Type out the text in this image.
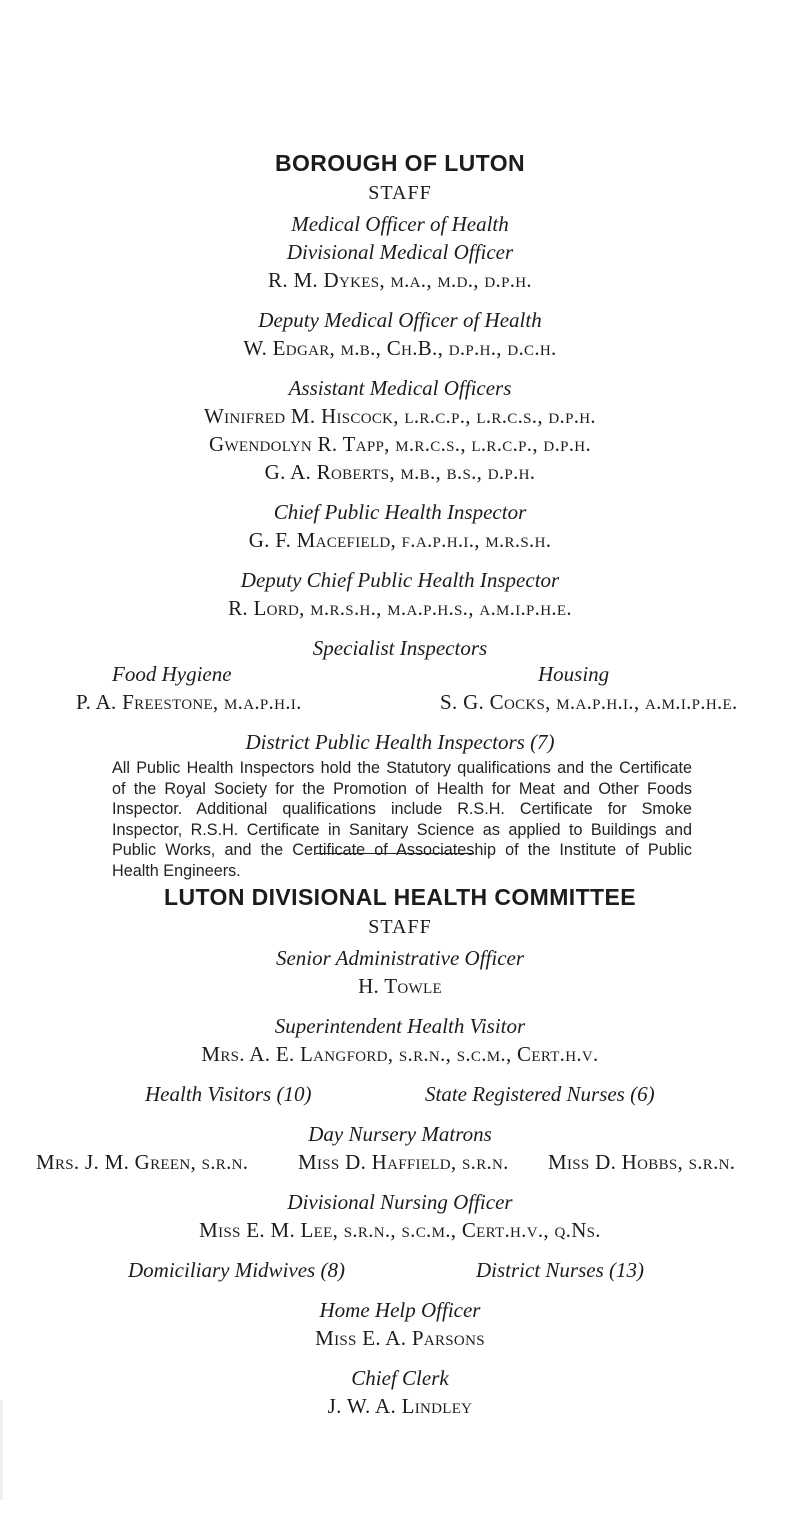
BOROUGH OF LUTON
STAFF
Medical Officer of Health
Divisional Medical Officer
R. M. Dykes, m.a., m.d., d.p.h.
Deputy Medical Officer of Health
W. Edgar, m.b., Ch.B., d.p.h., d.c.h.
Assistant Medical Officers
Winifred M. Hiscock, l.r.c.p., l.r.c.s., d.p.h.
Gwendolyn R. Tapp, m.r.c.s., l.r.c.p., d.p.h.
G. A. Roberts, m.b., b.s., d.p.h.
Chief Public Health Inspector
G. F. Macefield, f.a.p.h.i., m.r.s.h.
Deputy Chief Public Health Inspector
R. Lord, m.r.s.h., m.a.p.h.s., a.m.i.p.h.e.
Specialist Inspectors
Food Hygiene	Housing
P. A. Freestone, m.a.p.h.i.	S. G. Cocks, m.a.p.h.i., a.m.i.p.h.e.
District Public Health Inspectors (7)
All Public Health Inspectors hold the Statutory qualifications and the Certificate of the Royal Society for the Promotion of Health for Meat and Other Foods Inspector. Additional qualifications include R.S.H. Certificate for Smoke Inspector, R.S.H. Certificate in Sanitary Science as applied to Buildings and Public Works, and the Certificate of Associateship of the Institute of Public Health Engineers.
LUTON DIVISIONAL HEALTH COMMITTEE
STAFF
Senior Administrative Officer
H. Towle
Superintendent Health Visitor
Mrs. A. E. Langford, s.r.n., s.c.m., Cert.h.v.
Health Visitors (10)	State Registered Nurses (6)
Day Nursery Matrons
Mrs. J. M. Green, s.r.n. Miss D. Haffield, s.r.n. Miss D. Hobbs, s.r.n.
Divisional Nursing Officer
Miss E. M. Lee, s.r.n., s.c.m., Cert.h.v., q.Ns.
Domiciliary Midwives (8)	District Nurses (13)
Home Help Officer
Miss E. A. Parsons
Chief Clerk
J. W. A. Lindley
